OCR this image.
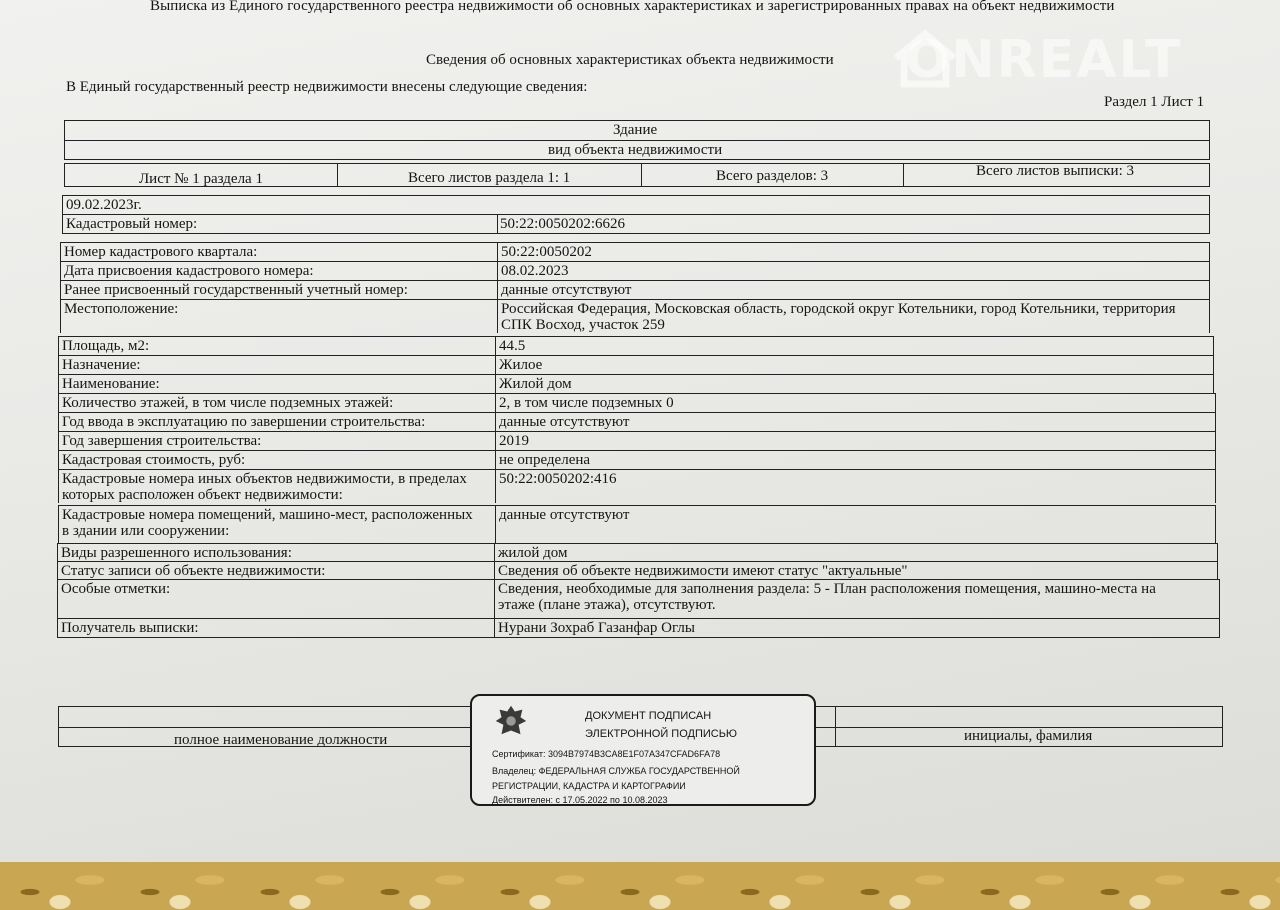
ONREALT
Выписка из Единого государственного реестра недвижимости об основных характеристиках и зарегистрированных правах на объект недвижимости
Сведения об основных характеристиках объекта недвижимости
В Единый государственный реестр недвижимости внесены следующие сведения:
Раздел 1 Лист 1
Здание
вид объекта недвижимости
Лист № 1 раздела 1	Всего листов раздела 1: 1	Всего разделов: 3	Всего листов выписки: 3
09.02.2023г.
Кадастровый номер:	50:22:0050202:6626
Номер кадастрового квартала:	50:22:0050202
Дата присвоения кадастрового номера:	08.02.2023
Ранее присвоенный государственный учетный номер:	данные отсутствуют
Местоположение:	Российская Федерация, Московская область, городской округ Котельники, город Котельники, территория
СПК Восход, участок 259
Площадь, м2:	44.5
Назначение:	Жилое
Наименование:	Жилой дом
Количество этажей, в том числе подземных этажей:	2, в том числе подземных 0
Год ввода в эксплуатацию по завершении строительства:	данные отсутствуют
Год завершения строительства:	2019
Кадастровая стоимость, руб:	не определена
Кадастровые номера иных объектов недвижимости, в пределах
которых расположен объект недвижимости:
50:22:0050202:416
Кадастровые номера помещений, машино-мест, расположенных
в здании или сооружении:
данные отсутствуют
Виды разрешенного использования:	жилой дом
Статус записи об объекте недвижимости:	Сведения об объекте недвижимости имеют статус "актуальные"
Особые отметки:	Сведения, необходимые для заполнения раздела: 5 - План расположения помещения, машино-места на
этаже (плане этажа), отсутствуют.
Получатель выписки:	Нурани Зохраб Газанфар Оглы
полное наименование должности	инициалы, фамилия
ДОКУМЕНТ ПОДПИСАН
ЭЛЕКТРОННОЙ ПОДПИСЬЮ
Сертификат: 3094B7974B3CA8E1F07A347CFAD6FA78
Владелец: ФЕДЕРАЛЬНАЯ СЛУЖБА ГОСУДАРСТВЕННОЙ
РЕГИСТРАЦИИ, КАДАСТРА И КАРТОГРАФИИ
Действителен: с 17.05.2022 по 10.08.2023
